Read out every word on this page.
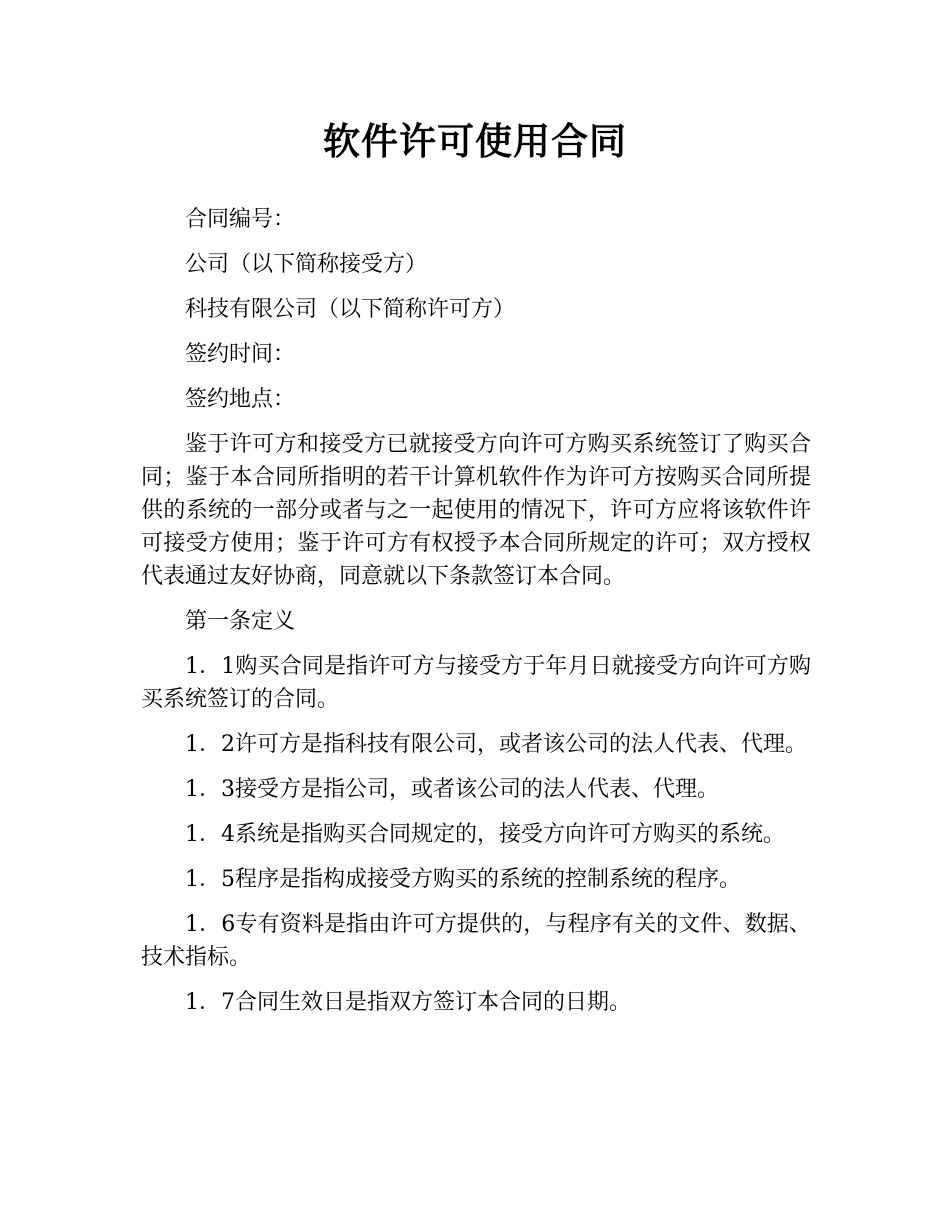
软件许可使用合同

合同编号：

公司（以下简称接受方）

科技有限公司（以下简称许可方）

签约时间：

签约地点：

鉴于许可方和接受方已就接受方向许可方购买系统签订了购买合同；鉴于本合同所指明的若干计算机软件作为许可方按购买合同所提供的系统的一部分或者与之一起使用的情况下，许可方应将该软件许可接受方使用；鉴于许可方有权授予本合同所规定的许可；双方授权代表通过友好协商，同意就以下条款签订本合同。

第一条定义

1．1购买合同是指许可方与接受方于年月日就接受方向许可方购买系统签订的合同。

1．2许可方是指科技有限公司，或者该公司的法人代表、代理。

1．3接受方是指公司，或者该公司的法人代表、代理。

1．4系统是指购买合同规定的，接受方向许可方购买的系统。

1．5程序是指构成接受方购买的系统的控制系统的程序。

1．6专有资料是指由许可方提供的，与程序有关的文件、数据、技术指标。

1．7合同生效日是指双方签订本合同的日期。
